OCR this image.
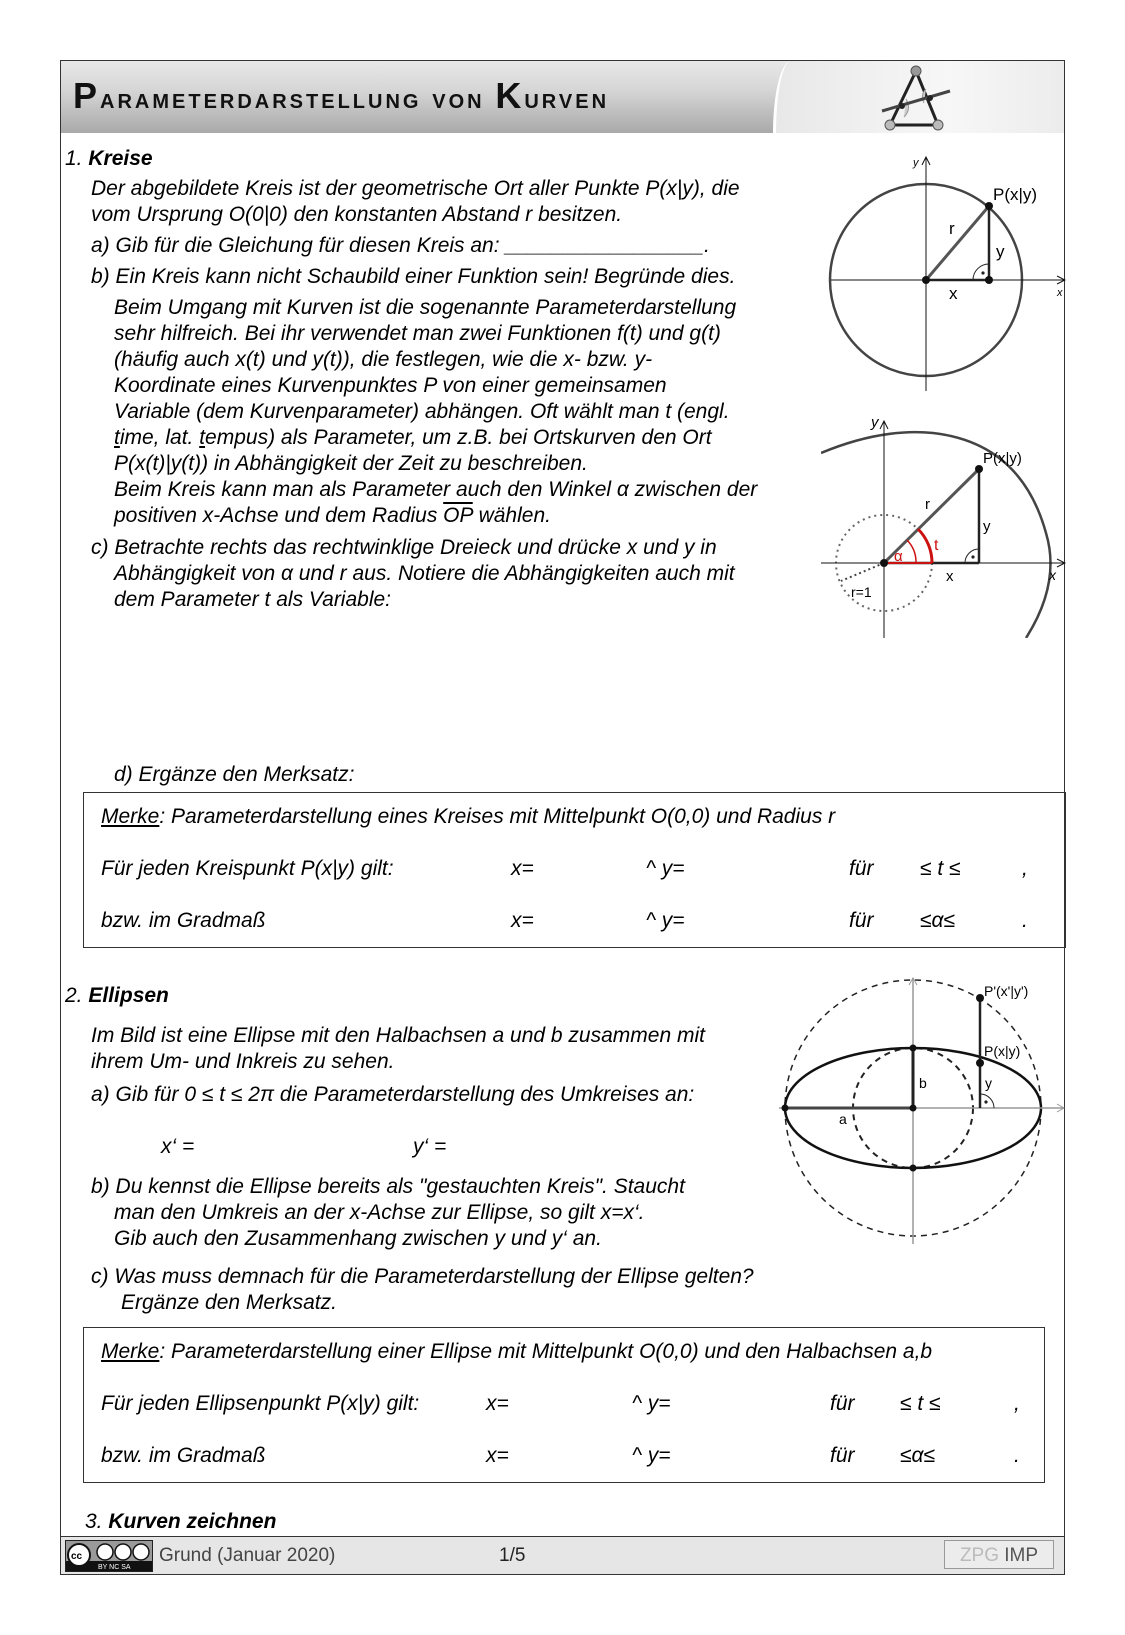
Parameterdarstellung von Kurven
1. Kreise
Der abgebildete Kreis ist der geometrische Ort aller Punkte P(x|y), die
vom Ursprung O(0|0) den konstanten Abstand r besitzen.
a) Gib für die Gleichung für diesen Kreis an: _________________.
b) Ein Kreis kann nicht Schaubild einer Funktion sein! Begründe dies.
Beim Umgang mit Kurven ist die sogenannte Parameterdarstellung
sehr hilfreich. Bei ihr verwendet man zwei Funktionen f(t) und g(t)
(häufig auch x(t) und y(t)), die festlegen, wie die x- bzw. y-
Koordinate eines Kurvenpunktes P von einer gemeinsamen
Variable (dem Kurvenparameter) abhängen. Oft wählt man t (engl.
time, lat. tempus) als Parameter, um z.B. bei Ortskurven den Ort
P(x(t)|y(t)) in Abhängigkeit der Zeit zu beschreiben.
Beim Kreis kann man als Parameter auch den Winkel α zwischen der
positiven x-Achse und dem Radius $\overline{OP}$ wählen.
c) Betrachte rechts das rechtwinklige Dreieck und drücke x und y in
Abhängigkeit von α und r aus. Notiere die Abhängigkeiten auch mit
dem Parameter t als Variable:
d) Ergänze den Merksatz:
Merke: Parameterdarstellung eines Kreises mit Mittelpunkt O(0,0) und Radius r
Für jeden Kreispunkt P(x|y) gilt:	x=	^ y=	für ≤ t ≤	,
bzw. im Gradmaß	x=	^ y=	für ≤α≤	.
y
x
P(x|y)
r
y
x
y
x
P(x|y)
r
y
x
α
t
r=1
2. Ellipsen
Im Bild ist eine Ellipse mit den Halbachsen a und b zusammen mit
ihrem Um- und Inkreis zu sehen.
a) Gib für 0 ≤ t ≤ 2π die Parameterdarstellung des Umkreises an:
x‘ =	y‘ =
b) Du kennst die Ellipse bereits als "gestauchten Kreis". Staucht
man den Umkreis an der x-Achse zur Ellipse, so gilt x=x‘.
Gib auch den Zusammenhang zwischen y und y‘ an.
c) Was muss demnach für die Parameterdarstellung der Ellipse gelten?
Ergänze den Merksatz.
Merke: Parameterdarstellung einer Ellipse mit Mittelpunkt O(0,0) und den Halbachsen a,b
Für jeden Ellipsenpunkt P(x|y) gilt:	x=	^ y=	für ≤ t ≤	,
bzw. im Gradmaß	x=	^ y=	für ≤α≤	.
P'(x'|y')
P(x|y)
a
b	y
3. Kurven zeichnen
cc
BY NC SA
Grund (Januar 2020)	1/5	ZPG IMP
